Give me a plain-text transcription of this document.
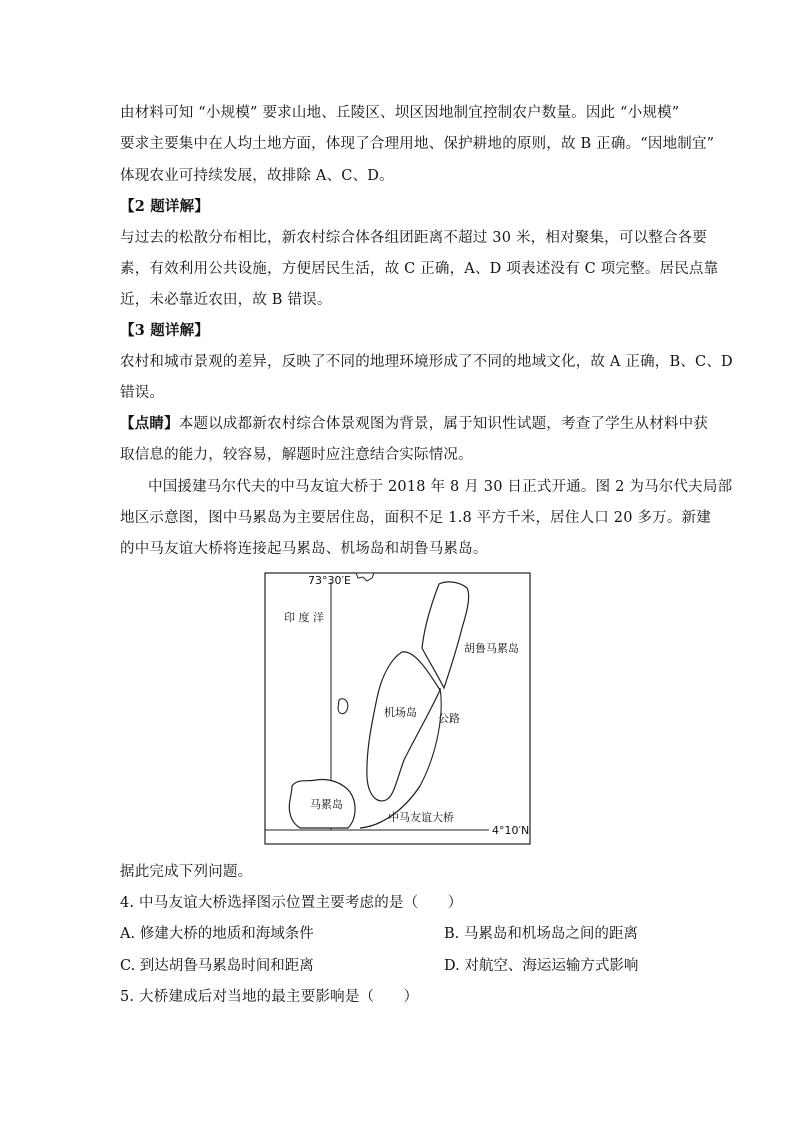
由材料可知 “小规模” 要求山地、丘陵区、坝区因地制宜控制农户数量。因此 “小规模”
要求主要集中在人均土地方面，体现了合理用地、保护耕地的原则，故 B 正确。“因地制宜”
体现农业可持续发展，故排除 A、C、D。
【2 题详解】
与过去的松散分布相比，新农村综合体各组团距离不超过 30 米，相对聚集，可以整合各要
素，有效利用公共设施，方便居民生活，故 C 正确，A、D 项表述没有 C 项完整。居民点靠
近，未必靠近农田，故 B 错误。
【3 题详解】
农村和城市景观的差异，反映了不同的地理环境形成了不同的地域文化，故 A 正确，B、C、D
错误。
【点睛】本题以成都新农村综合体景观图为背景，属于知识性试题，考查了学生从材料中获
取信息的能力，较容易，解题时应注意结合实际情况。
中国援建马尔代夫的中马友谊大桥于 2018 年 8 月 30 日正式开通。图 2 为马尔代夫局部
地区示意图，图中马累岛为主要居住岛，面积不足 1.8 平方千米，居住人口 20 多万。新建
的中马友谊大桥将连接起马累岛、机场岛和胡鲁马累岛。
73°30′E
印 度 洋
胡鲁马累岛
机场岛 公路
马累岛
中马友谊大桥
4°10′N
据此完成下列问题。
4. 中马友谊大桥选择图示位置主要考虑的是（　　）
A. 修建大桥的地质和海域条件	B. 马累岛和机场岛之间的距离
C. 到达胡鲁马累岛时间和距离	D. 对航空、海运运输方式影响
5. 大桥建成后对当地的最主要影响是（　　）
